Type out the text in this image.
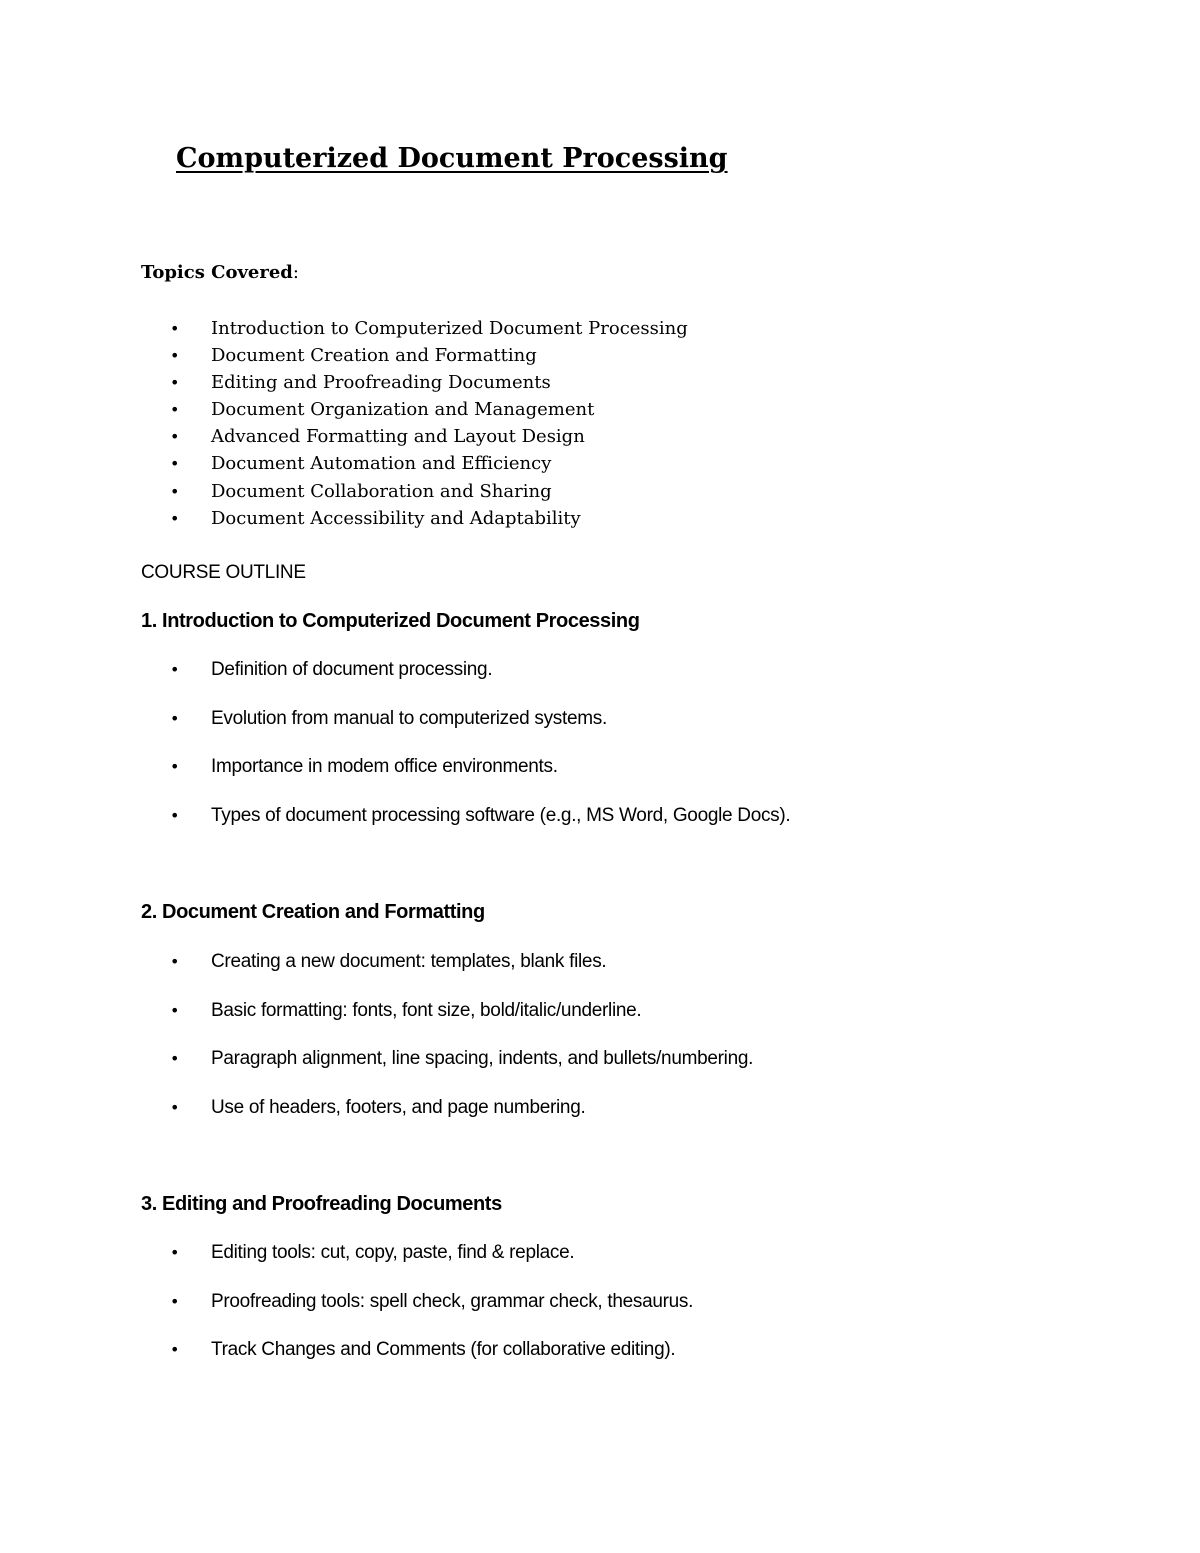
Computerized Document Processing
Topics Covered:
• Introduction to Computerized Document Processing
• Document Creation and Formatting
• Editing and Proofreading Documents
• Document Organization and Management
• Advanced Formatting and Layout Design
• Document Automation and Efficiency
• Document Collaboration and Sharing
• Document Accessibility and Adaptability
COURSE OUTLINE
1. Introduction to Computerized Document Processing
• Definition of document processing.
• Evolution from manual to computerized systems.
• Importance in modem office environments.
• Types of document processing software (e.g., MS Word, Google Docs).
2. Document Creation and Formatting
• Creating a new document: templates, blank files.
• Basic formatting: fonts, font size, bold/italic/underline.
• Paragraph alignment, line spacing, indents, and bullets/numbering.
• Use of headers, footers, and page numbering.
3. Editing and Proofreading Documents
• Editing tools: cut, copy, paste, find & replace.
• Proofreading tools: spell check, grammar check, thesaurus.
• Track Changes and Comments (for collaborative editing).
